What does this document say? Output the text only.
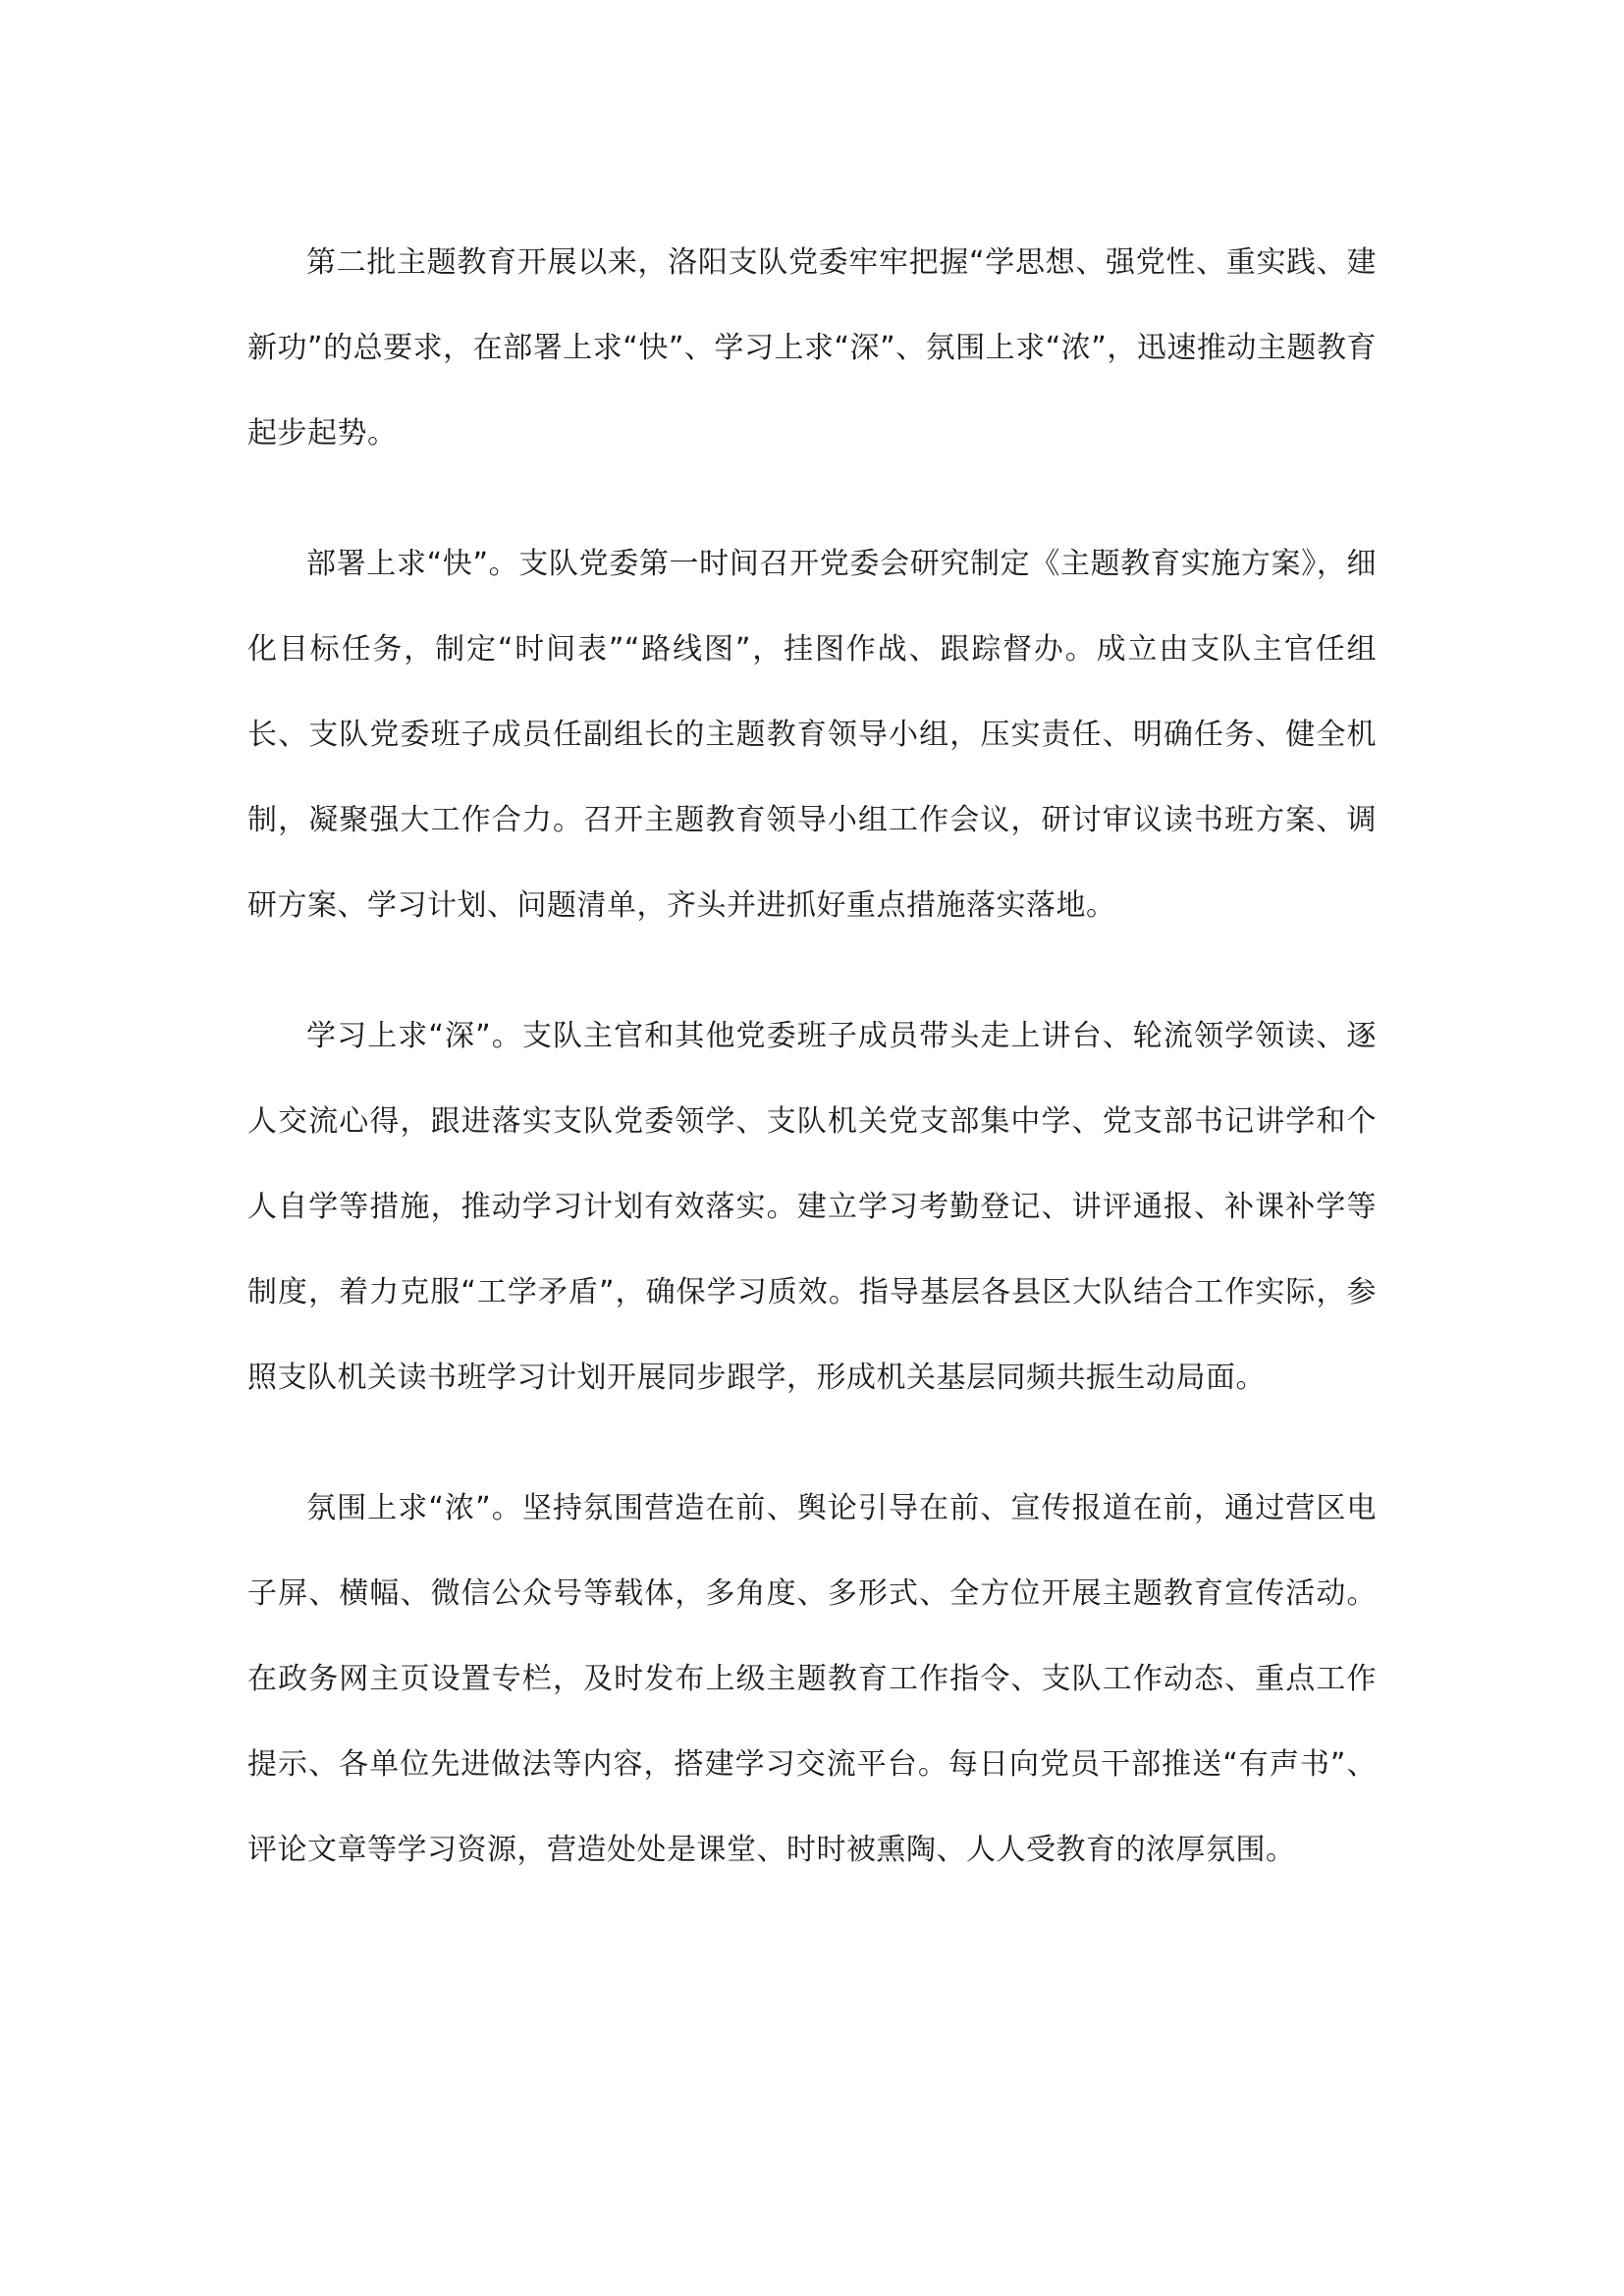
第二批主题教育开展以来，洛阳支队党委牢牢把握“学思想、强党性、重实践、建新功”的总要求，在部署上求“快”、学习上求“深”、氛围上求“浓”，迅速推动主题教育起步起势。

部署上求“快”。支队党委第一时间召开党委会研究制定《主题教育实施方案》，细化目标任务，制定“时间表”“路线图”，挂图作战、跟踪督办。成立由支队主官任组长、支队党委班子成员任副组长的主题教育领导小组，压实责任、明确任务、健全机制，凝聚强大工作合力。召开主题教育领导小组工作会议，研讨审议读书班方案、调研方案、学习计划、问题清单，齐头并进抓好重点措施落实落地。

学习上求“深”。支队主官和其他党委班子成员带头走上讲台、轮流领学领读、逐人交流心得，跟进落实支队党委领学、支队机关党支部集中学、党支部书记讲学和个人自学等措施，推动学习计划有效落实。建立学习考勤登记、讲评通报、补课补学等制度，着力克服“工学矛盾”，确保学习质效。指导基层各县区大队结合工作实际，参照支队机关读书班学习计划开展同步跟学，形成机关基层同频共振生动局面。

氛围上求“浓”。坚持氛围营造在前、舆论引导在前、宣传报道在前，通过营区电子屏、横幅、微信公众号等载体，多角度、多形式、全方位开展主题教育宣传活动。在政务网主页设置专栏，及时发布上级主题教育工作指令、支队工作动态、重点工作提示、各单位先进做法等内容，搭建学习交流平台。每日向党员干部推送“有声书”、评论文章等学习资源，营造处处是课堂、时时被熏陶、人人受教育的浓厚氛围。
